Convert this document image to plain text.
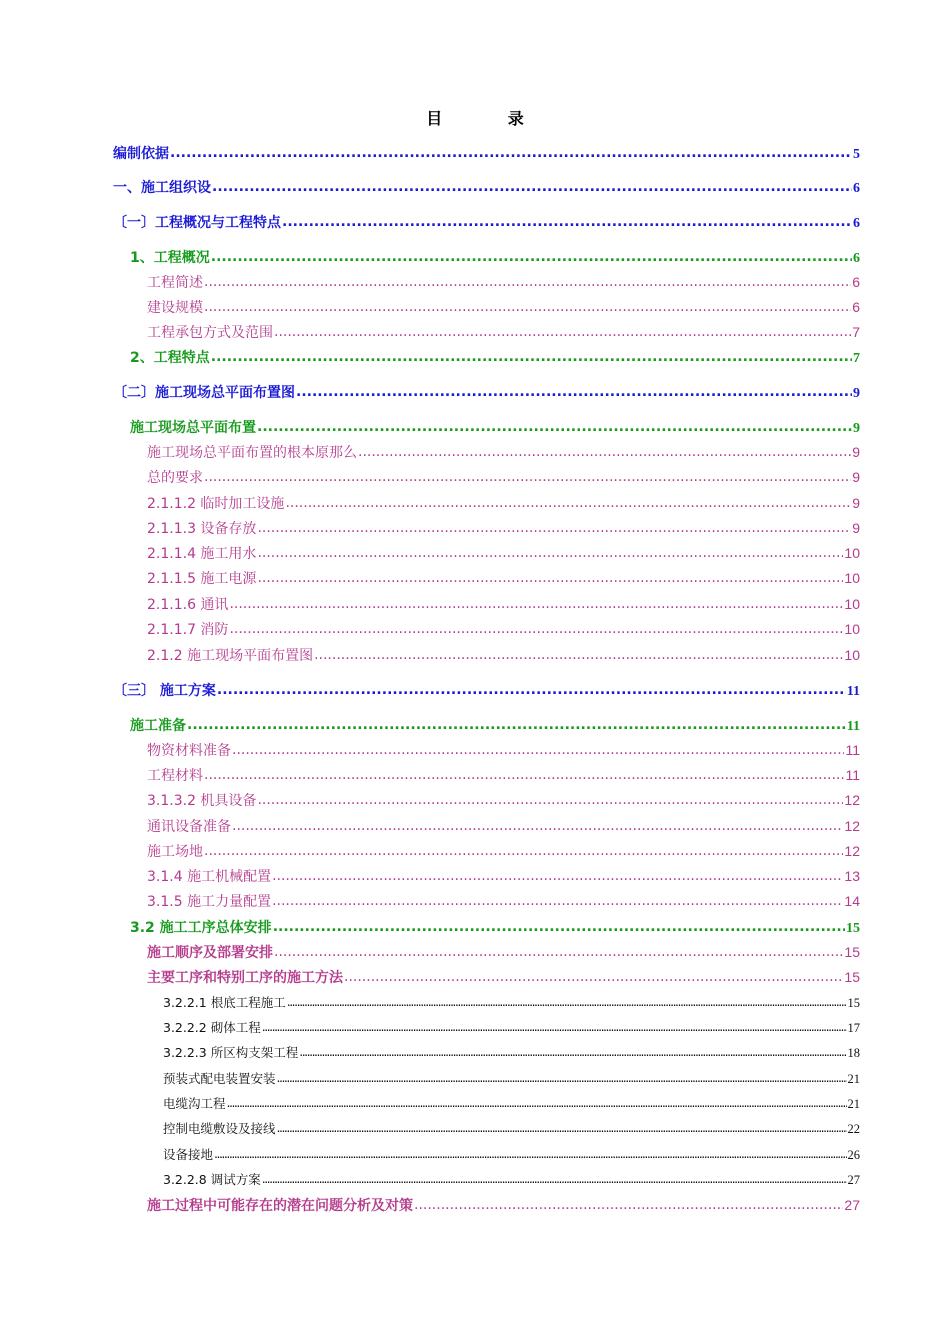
目 录
编制依据 .....	5
一、施工组织设 .....	6
〔一〕工程概况与工程特点 .....	6
1、工程概况 .....	6
工程简述 .....	6
建设规模 .....	6
工程承包方式及范围 .....	7
2、工程特点 .....	7
〔二〕施工现场总平面布置图 .....	9
施工现场总平面布置 .....	9
施工现场总平面布置的根本原那么 .....	9
总的要求 .....	9
2.1.1.2 临时加工设施 .....	9
2.1.1.3 设备存放 .....	9
2.1.1.4 施工用水 .....	10
2.1.1.5 施工电源 .....	10
2.1.1.6 通讯 .....	10
2.1.1.7 消防 .....	10
2.1.2 施工现场平面布置图 .....	10
〔三〕 施工方案 .....	11
施工准备 .....	11
物资材料准备 .....	11
工程材料 .....	11
3.1.3.2 机具设备 .....	12
通讯设备准备 .....	12
施工场地 .....	12
3.1.4 施工机械配置 .....	13
3.1.5 施工力量配置 .....	14
3.2 施工工序总体安排 .....	15
施工顺序及部署安排 .....	15
主要工序和特别工序的施工方法 .....	15
3.2.2.1 根底工程施工 .....	15
3.2.2.2 砌体工程 .....	17
3.2.2.3 所区构支架工程 .....	18
预装式配电装置安装 .....	21
电缆沟工程 .....	21
控制电缆敷设及接线 .....	22
设备接地 .....	26
3.2.2.8 调试方案 .....	27
施工过程中可能存在的潜在问题分析及对策 .....	27
